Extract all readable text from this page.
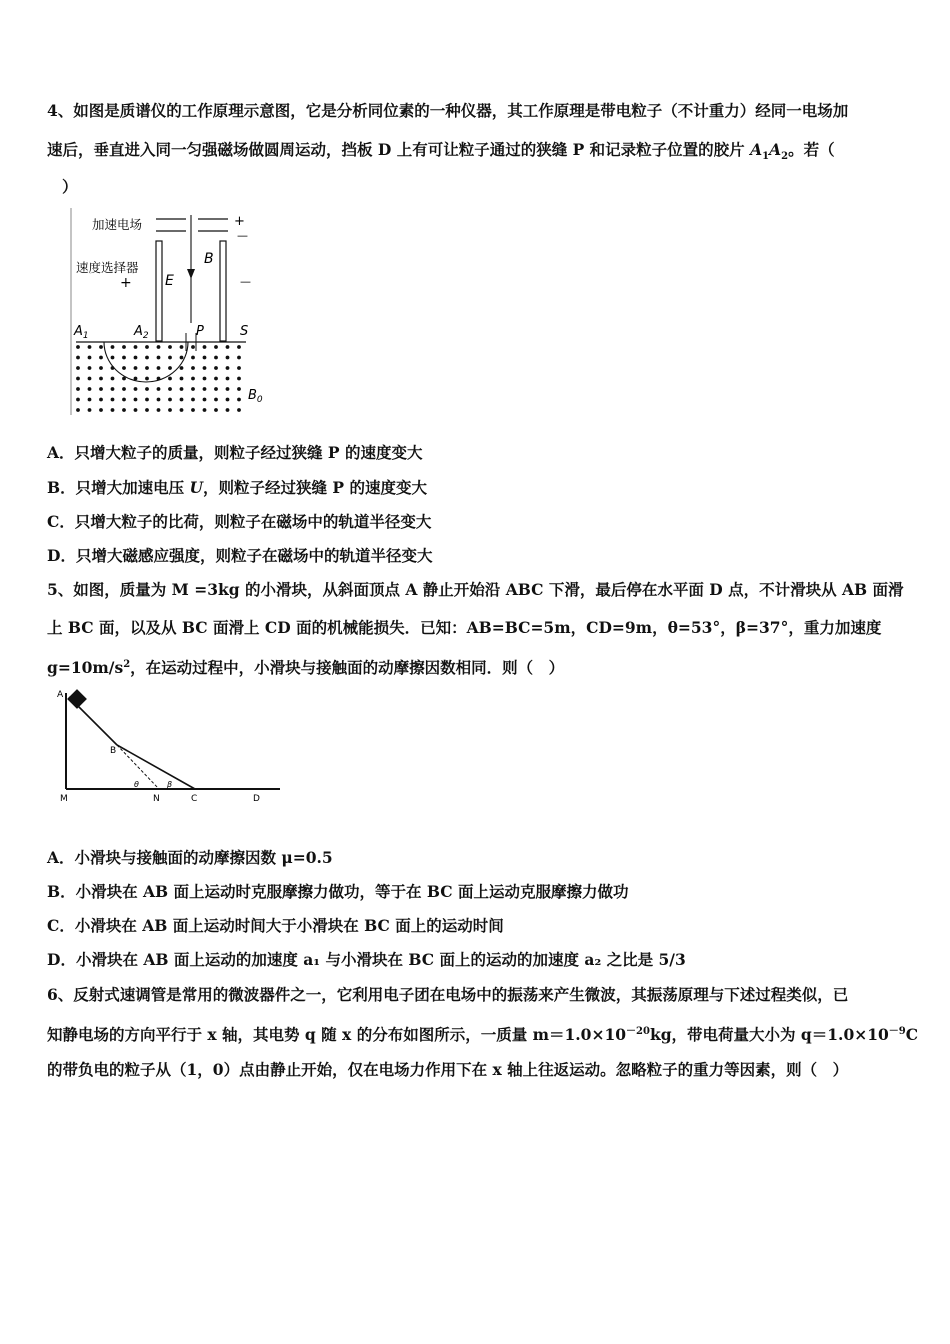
4、如图是质谱仪的工作原理示意图，它是分析同位素的一种仪器，其工作原理是带电粒子（不计重力）经同一电场加
速后，垂直进入同一匀强磁场做圆周运动，挡板 D 上有可让粒子通过的狭缝 P 和记录粒子位置的胶片 $A_1A_2$。若（
）
加速电场	+
—
速度选择器
+	—
E
B
$A_1$	$A_2$	P	S
$B_0$
A．只增大粒子的质量，则粒子经过狭缝 P 的速度变大
B．只增大加速电压 U，则粒子经过狭缝 P 的速度变大
C．只增大粒子的比荷，则粒子在磁场中的轨道半径变大
D．只增大磁感应强度，则粒子在磁场中的轨道半径变大
5、如图，质量为 M =3kg 的小滑块，从斜面顶点 A 静止开始沿 ABC 下滑，最后停在水平面 D 点，不计滑块从 AB 面滑
上 BC 面，以及从 BC 面滑上 CD 面的机械能损失．已知：AB=BC=5m，CD=9m，θ=53°，β=37°，重力加速度
$g=10m/s^2$，在运动过程中，小滑块与接触面的动摩擦因数相同．则（　）
A
B
M	N	C	D
θ	β
A．小滑块与接触面的动摩擦因数 μ=0.5
B．小滑块在 AB 面上运动时克服摩擦力做功，等于在 BC 面上运动克服摩擦力做功
C．小滑块在 AB 面上运动时间大于小滑块在 BC 面上的运动时间
D．小滑块在 AB 面上运动的加速度 a₁ 与小滑块在 BC 面上的运动的加速度 a₂ 之比是 5/3
6、反射式速调管是常用的微波器件之一，它利用电子团在电场中的振荡来产生微波，其振荡原理与下述过程类似，已
知静电场的方向平行于 x 轴，其电势 q 随 x 的分布如图所示，一质量 $m=1.0\times 10^{-20}kg$，带电荷量大小为 $q=1.0\times 10^{-9}C$
的带负电的粒子从（1，0）点由静止开始，仅在电场力作用下在 x 轴上往返运动。忽略粒子的重力等因素，则（　）
